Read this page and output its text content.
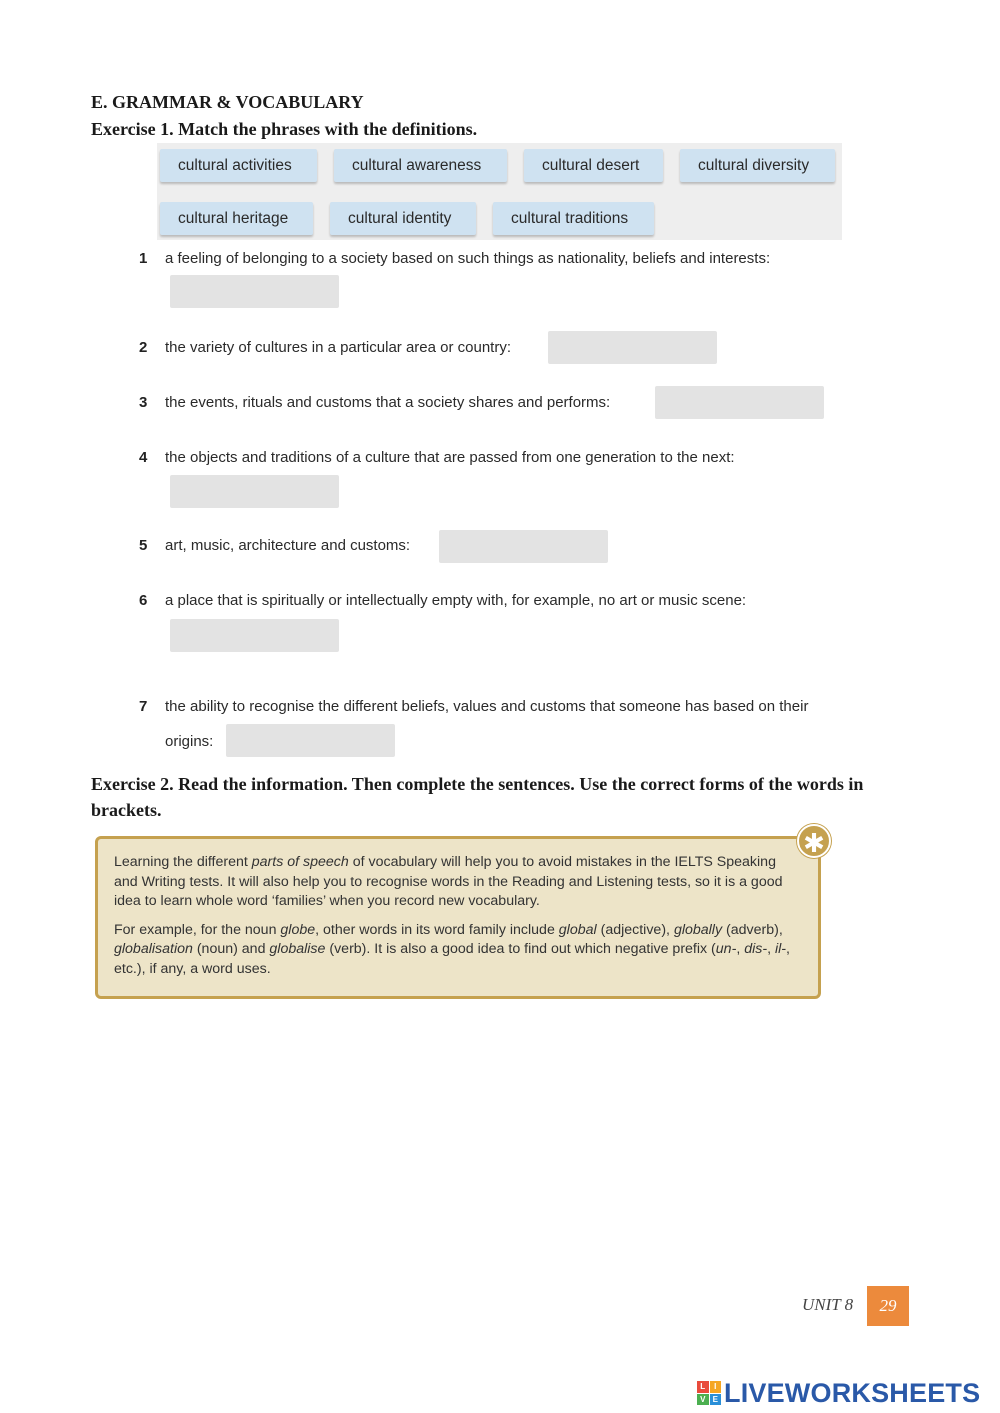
E. GRAMMAR & VOCABULARY
Exercise 1. Match the phrases with the definitions.
cultural activities	cultural awareness	cultural desert	cultural diversity
cultural heritage	cultural identity	cultural traditions
1 a feeling of belonging to a society based on such things as nationality, beliefs and interests:
2 the variety of cultures in a particular area or country:
3 the events, rituals and customs that a society shares and performs:
4 the objects and traditions of a culture that are passed from one generation to the next:
5 art, music, architecture and customs:
6 a place that is spiritually or intellectually empty with, for example, no art or music scene:
7 the ability to recognise the different beliefs, values and customs that someone has based on their
origins:
Exercise 2. Read the information. Then complete the sentences. Use the correct forms of the words in brackets.

Learning the different parts of speech of vocabulary will help you to avoid mistakes in the IELTS Speaking and Writing tests. It will also help you to recognise words in the Reading and Listening tests, so it is a good idea to learn whole word ‘families’ when you record new vocabulary.

For example, for the noun globe, other words in its word family include global (adjective), globally (adverb), globalisation (noun) and globalise (verb). It is also a good idea to find out which negative prefix (un-, dis-, il-, etc.), if any, a word uses.

✱
UNIT 8	29
L	I
V E LIVEWORKSHEETS
